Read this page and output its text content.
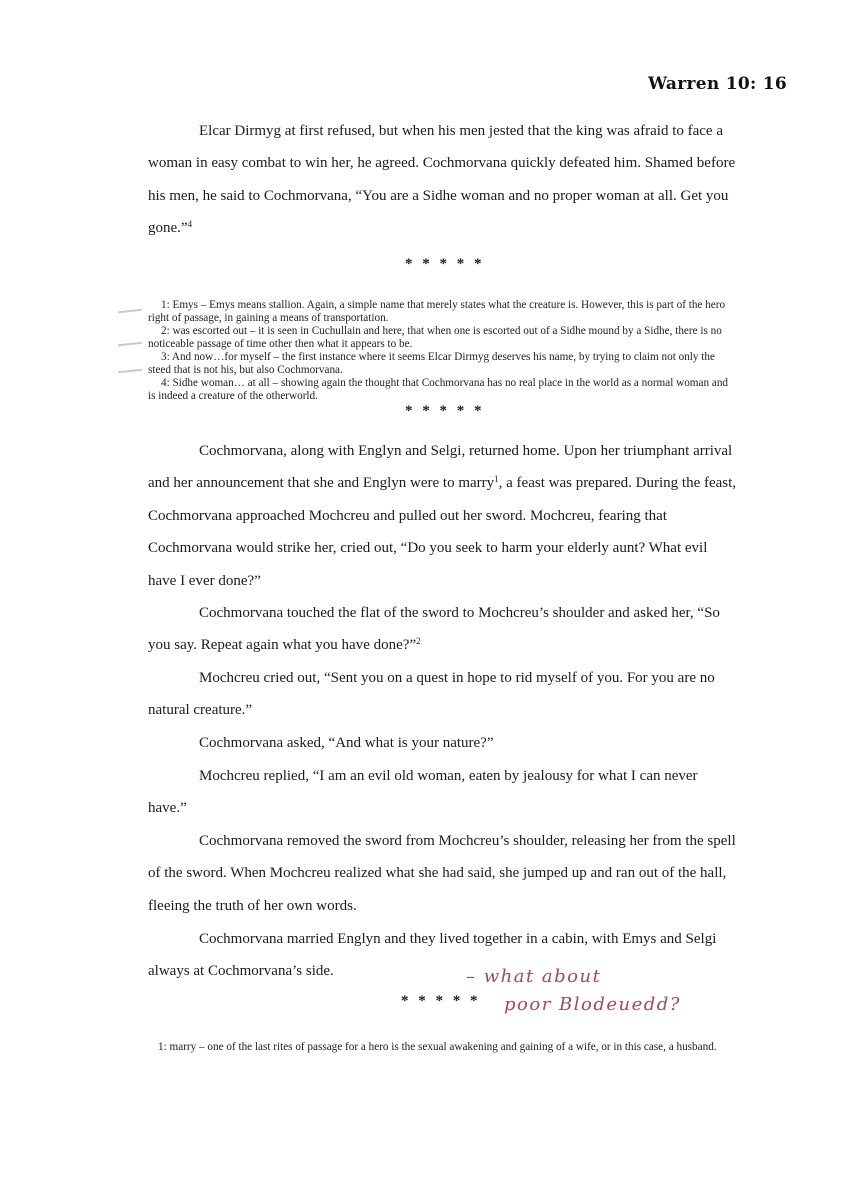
Warren 10: 16

Elcar Dirmyg at first refused, but when his men jested that the king was afraid to face a woman in easy combat to win her, he agreed. Cochmorvana quickly defeated him. Shamed before his men, he said to Cochmorvana, “You are a Sidhe woman and no proper woman at all. Get you gone.”$^4$

* * * * *

1: Emys – Emys means stallion. Again, a simple name that merely states what the creature is. However, this is part of the hero right of passage, in gaining a means of transportation.

2: was escorted out – it is seen in Cuchullain and here, that when one is escorted out of a Sidhe mound by a Sidhe, there is no noticeable passage of time other then what it appears to be.

3: And now…for myself – the first instance where it seems Elcar Dirmyg deserves his name, by trying to claim not only the steed that is not his, but also Cochmorvana.

4: Sidhe woman… at all – showing again the thought that Cochmorvana has no real place in the world as a normal woman and is indeed a creature of the otherworld.

* * * * *

Cochmorvana, along with Englyn and Selgi, returned home. Upon her triumphant arrival and her announcement that she and Englyn were to marry$^1$, a feast was prepared. During the feast, Cochmorvana approached Mochcreu and pulled out her sword. Mochcreu, fearing that Cochmorvana would strike her, cried out, “Do you seek to harm your elderly aunt? What evil have I ever done?”

Cochmorvana touched the flat of the sword to Mochcreu’s shoulder and asked her, “So you say. Repeat again what you have done?”$^2$

Mochcreu cried out, “Sent you on a quest in hope to rid myself of you. For you are no natural creature.”

Cochmorvana asked, “And what is your nature?”

Mochcreu replied, “I am an evil old woman, eaten by jealousy for what I can never have.”

Cochmorvana removed the sword from Mochcreu’s shoulder, releasing her from the spell of the sword. When Mochcreu realized what she had said, she jumped up and ran out of the hall, fleeing the truth of her own words.

Cochmorvana married Englyn and they lived together in a cabin, with Emys and Selgi always at Cochmorvana’s side.

* * * * *
– what about
poor Blodeuedd?

1: marry – one of the last rites of passage for a hero is the sexual awakening and gaining of a wife, or in this case, a husband.
